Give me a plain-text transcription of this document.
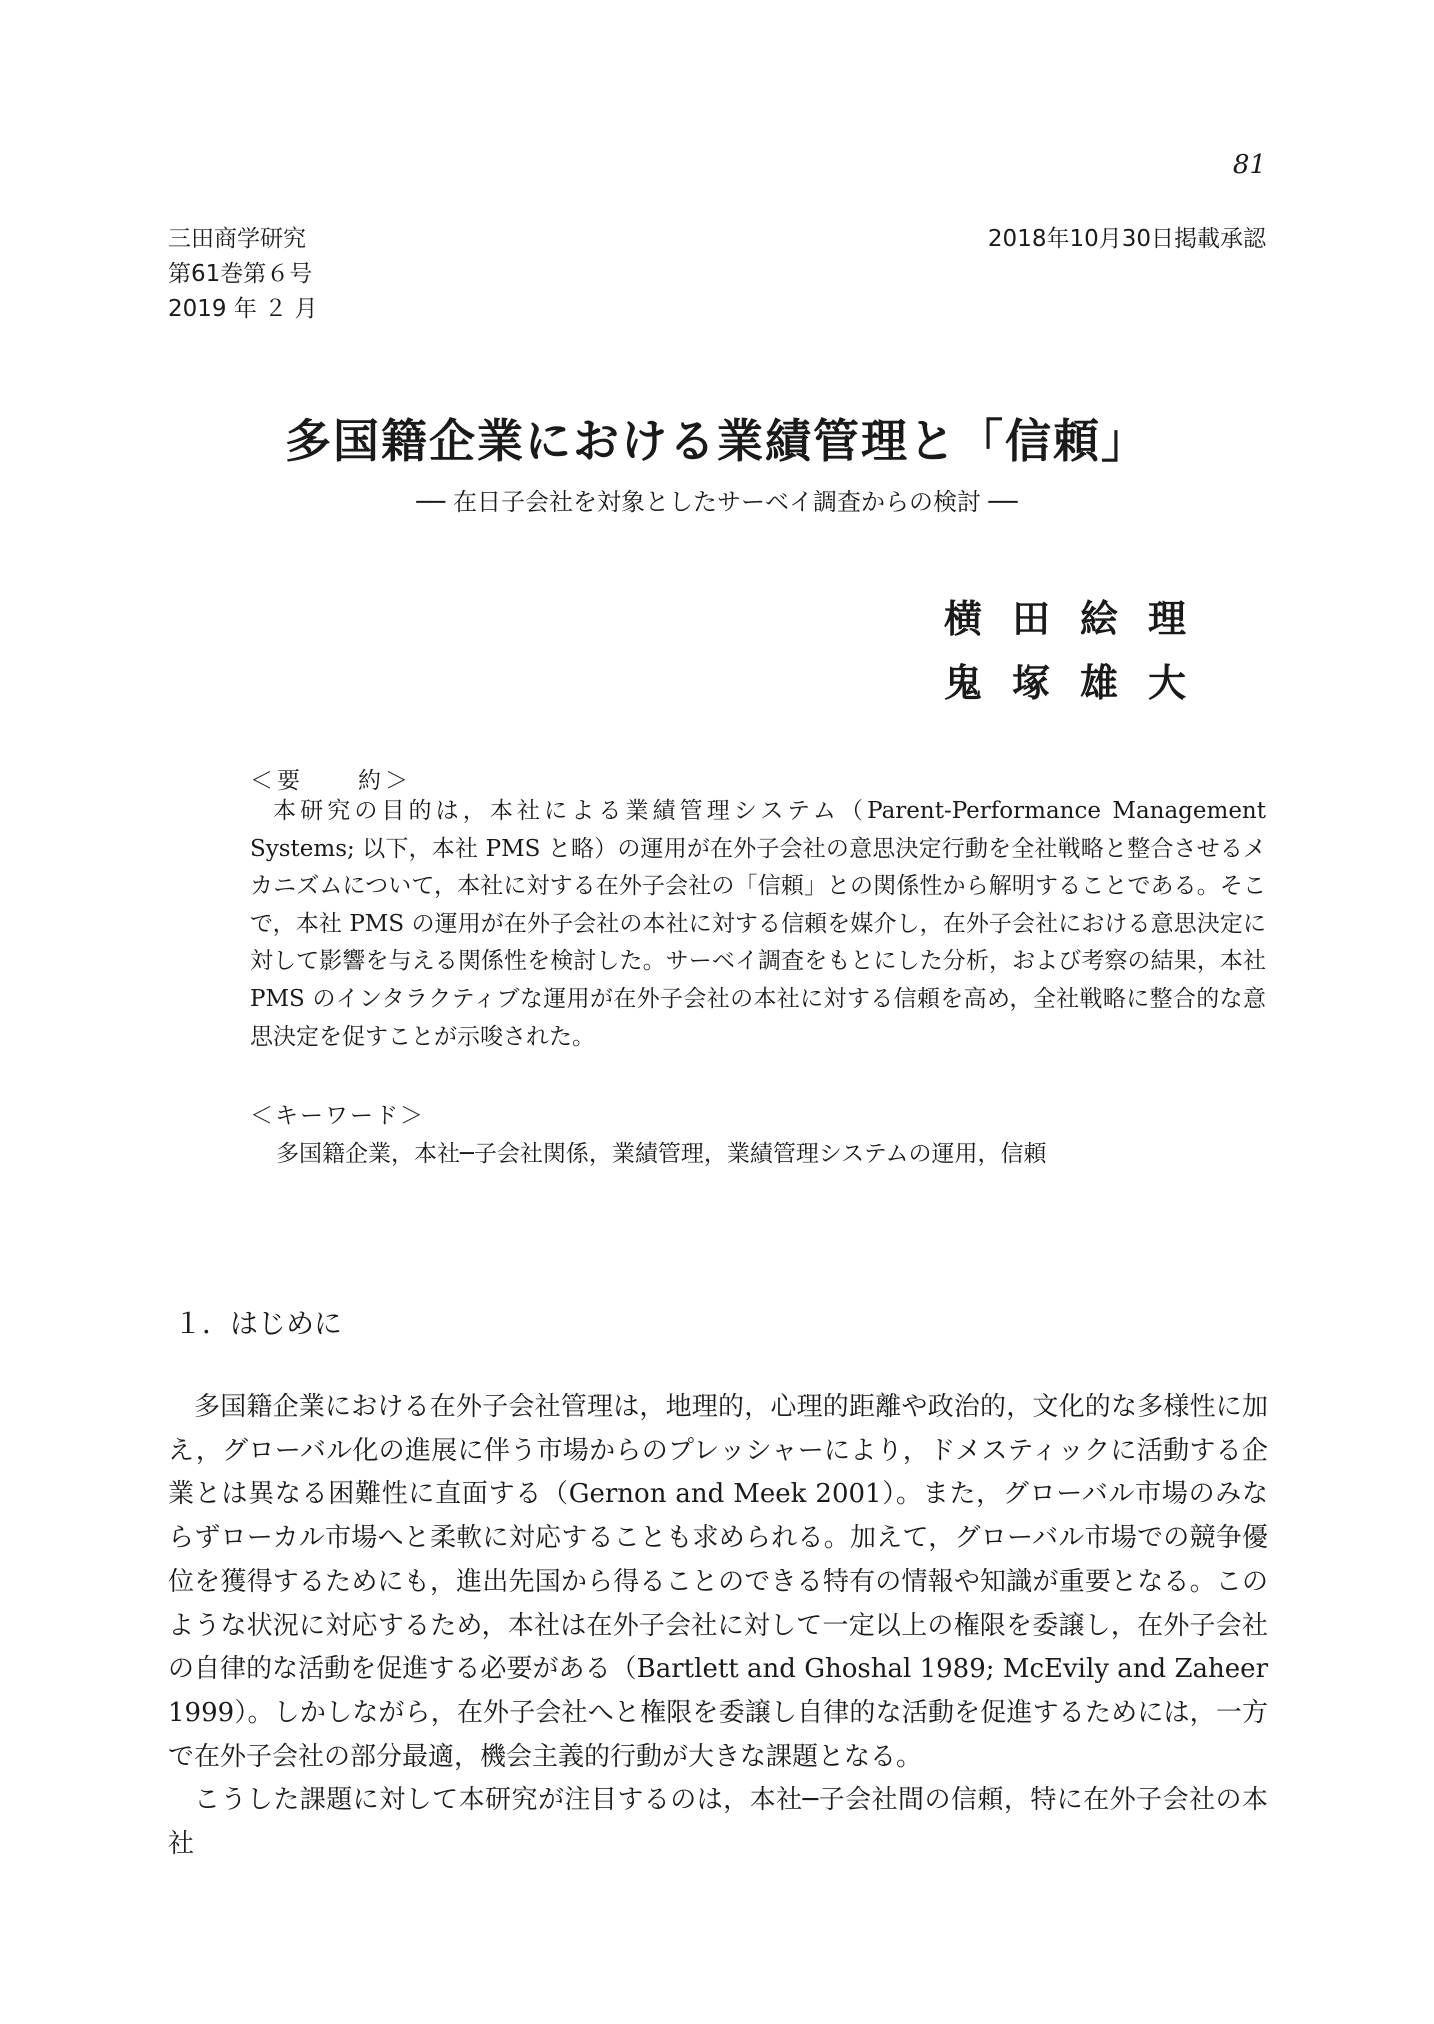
81
三田商学研究
第61巻第６号
2019 年 ２ 月
2018年10月30日掲載承認
多国籍企業における業績管理と「信頼」
── 在日子会社を対象としたサーベイ調査からの検討 ──
横田絵理
鬼塚雄大
＜要　　約＞

本研究の目的は，本社による業績管理システム（Parent-Performance Management Systems; 以下，本社 PMS と略）の運用が在外子会社の意思決定行動を全社戦略と整合させるメカニズムについて，本社に対する在外子会社の「信頼」との関係性から解明することである。そこで，本社 PMS の運用が在外子会社の本社に対する信頼を媒介し，在外子会社における意思決定に対して影響を与える関係性を検討した。サーベイ調査をもとにした分析，および考察の結果，本社 PMS のインタラクティブな運用が在外子会社の本社に対する信頼を高め，全社戦略に整合的な意思決定を促すことが示唆された。

＜キーワード＞
多国籍企業，本社─子会社関係，業績管理，業績管理システムの運用，信頼
１．はじめに

多国籍企業における在外子会社管理は，地理的，心理的距離や政治的，文化的な多様性に加え，グローバル化の進展に伴う市場からのプレッシャーにより，ドメスティックに活動する企業とは異なる困難性に直面する（Gernon and Meek 2001）。また，グローバル市場のみならずローカル市場へと柔軟に対応することも求められる。加えて，グローバル市場での競争優位を獲得するためにも，進出先国から得ることのできる特有の情報や知識が重要となる。このような状況に対応するため，本社は在外子会社に対して一定以上の権限を委譲し，在外子会社の自律的な活動を促進する必要がある（Bartlett and Ghoshal 1989; McEvily and Zaheer 1999）。しかしながら，在外子会社へと権限を委譲し自律的な活動を促進するためには，一方で在外子会社の部分最適，機会主義的行動が大きな課題となる。

こうした課題に対して本研究が注目するのは，本社─子会社間の信頼，特に在外子会社の本社
